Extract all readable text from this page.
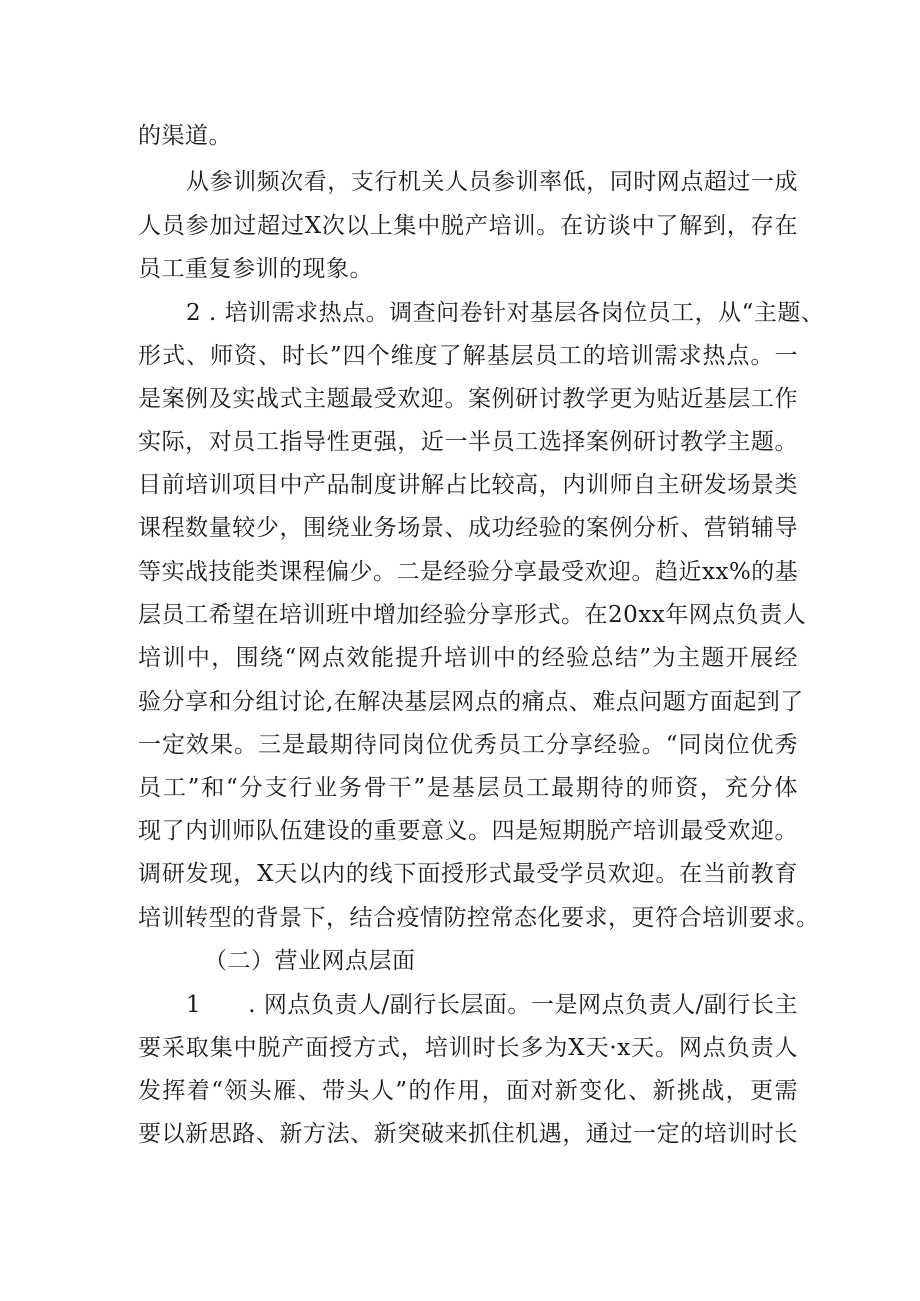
的渠道。
从参训频次看，支行机关人员参训率低，同时网点超过一成
人员参加过超过X次以上集中脱产培训。在访谈中了解到，存在
员工重复参训的现象。
2 . 培训需求热点。调查问卷针对基层各岗位员工，从“主题、
形式、师资、时长”四个维度了解基层员工的培训需求热点。一
是案例及实战式主题最受欢迎。案例研讨教学更为贴近基层工作
实际，对员工指导性更强，近一半员工选择案例研讨教学主题。
目前培训项目中产品制度讲解占比较高，内训师自主研发场景类
课程数量较少，围绕业务场景、成功经验的案例分析、营销辅导
等实战技能类课程偏少。二是经验分享最受欢迎。趋近xx%的基
层员工希望在培训班中增加经验分享形式。在20xx年网点负责人
培训中，围绕“网点效能提升培训中的经验总结”为主题开展经
验分享和分组讨论,在解决基层网点的痛点、难点问题方面起到了
一定效果。三是最期待同岗位优秀员工分享经验。“同岗位优秀
员工”和“分支行业务骨干”是基层员工最期待的师资，充分体
现了内训师队伍建设的重要意义。四是短期脱产培训最受欢迎。
调研发现，X天以内的线下面授形式最受学员欢迎。在当前教育
培训转型的背景下，结合疫情防控常态化要求，更符合培训要求。
（二）营业网点层面
1　　. 网点负责人/副行长层面。一是网点负责人/副行长主
要采取集中脱产面授方式，培训时长多为X天·x天。网点负责人
发挥着“领头雁、带头人”的作用，面对新变化、新挑战，更需
要以新思路、新方法、新突破来抓住机遇，通过一定的培训时长
